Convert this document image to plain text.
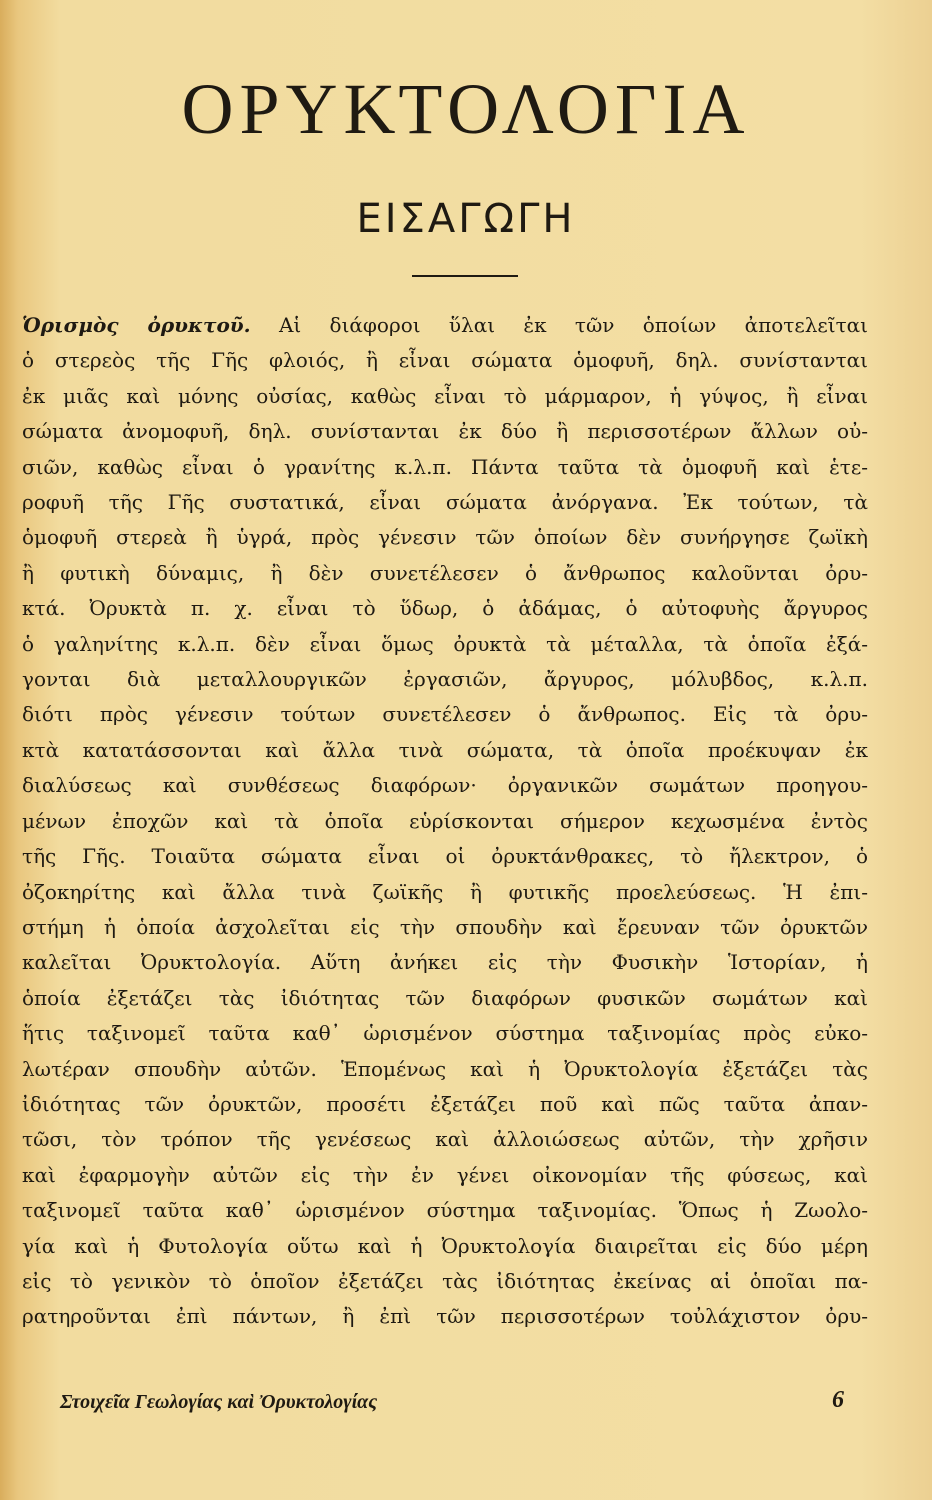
ΟΡΥΚΤΟΛΟΓΙΑ
ΕΙΣΑΓΩΓΗ
Ὁρισμὸς ὀρυκτοῦ. Αἱ διάφοροι ὕλαι ἐκ τῶν ὁποίων ἀποτελεῖται
ὁ στερεὸς τῆς Γῆς φλοιός, ἢ εἶναι σώματα ὁμοφυῆ, δηλ. συνίστανται
ἐκ μιᾶς καὶ μόνης οὐσίας, καθὼς εἶναι τὸ μάρμαρον, ἡ γύψος, ἢ εἶναι
σώματα ἀνομοφυῆ, δηλ. συνίστανται ἐκ δύο ἢ περισσοτέρων ἄλλων οὐ-
σιῶν, καθὼς εἶναι ὁ γρανίτης κ.λ.π. Πάντα ταῦτα τὰ ὁμοφυῆ καὶ ἑτε-
ροφυῆ τῆς Γῆς συστατικά, εἶναι σώματα ἀνόργανα. Ἐκ τούτων, τὰ
ὁμοφυῆ στερεὰ ἢ ὑγρά, πρὸς γένεσιν τῶν ὁποίων δὲν συνήργησε ζωϊκὴ
ἢ φυτικὴ δύναμις, ἢ δὲν συνετέλεσεν ὁ ἄνθρωπος καλοῦνται ὀρυ-
κτά. Ὀρυκτὰ π. χ. εἶναι τὸ ὕδωρ, ὁ ἀδάμας, ὁ αὐτοφυὴς ἄργυρος
ὁ γαληνίτης κ.λ.π. δὲν εἶναι ὅμως ὀρυκτὰ τὰ μέταλλα, τὰ ὁποῖα ἐξά-
γονται διὰ μεταλλουργικῶν ἐργασιῶν, ἄργυρος, μόλυβδος, κ.λ.π.
διότι πρὸς γένεσιν τούτων συνετέλεσεν ὁ ἄνθρωπος. Εἰς τὰ ὀρυ-
κτὰ κατατάσσονται καὶ ἄλλα τινὰ σώματα, τὰ ὁποῖα προέκυψαν ἐκ
διαλύσεως καὶ συνθέσεως διαφόρων· ὀργανικῶν σωμάτων προηγου-
μένων ἐποχῶν καὶ τὰ ὁποῖα εὑρίσκονται σήμερον κεχωσμένα ἐντὸς
τῆς Γῆς. Τοιαῦτα σώματα εἶναι οἱ ὀρυκτάνθρακες, τὸ ἤλεκτρον, ὁ
ὀζοκηρίτης καὶ ἄλλα τινὰ ζωϊκῆς ἢ φυτικῆς προελεύσεως. Ἡ ἐπι-
στήμη ἡ ὁποία ἀσχολεῖται εἰς τὴν σπουδὴν καὶ ἔρευναν τῶν ὀρυκτῶν
καλεῖται Ὀρυκτολογία. Αὕτη ἀνήκει εἰς τὴν Φυσικὴν Ἱστορίαν, ἡ
ὁποία ἐξετάζει τὰς ἰδιότητας τῶν διαφόρων φυσικῶν σωμάτων καὶ
ἥτις ταξινομεῖ ταῦτα καθ᾽ ὡρισμένον σύστημα ταξινομίας πρὸς εὐκο-
λωτέραν σπουδὴν αὐτῶν. Ἑπομένως καὶ ἡ Ὀρυκτολογία ἐξετάζει τὰς
ἰδιότητας τῶν ὀρυκτῶν, προσέτι ἐξετάζει ποῦ καὶ πῶς ταῦτα ἀπαν-
τῶσι, τὸν τρόπον τῆς γενέσεως καὶ ἀλλοιώσεως αὐτῶν, τὴν χρῆσιν
καὶ ἐφαρμογὴν αὐτῶν εἰς τὴν ἐν γένει οἰκονομίαν τῆς φύσεως, καὶ
ταξινομεῖ ταῦτα καθ᾽ ὡρισμένον σύστημα ταξινομίας. Ὅπως ἡ Ζωολο-
γία καὶ ἡ Φυτολογία οὕτω καὶ ἡ Ὀρυκτολογία διαιρεῖται εἰς δύο μέρη
εἰς τὸ γενικὸν τὸ ὁποῖον ἐξετάζει τὰς ἰδιότητας ἐκείνας αἱ ὁποῖαι πα-
ρατηροῦνται ἐπὶ πάντων, ἢ ἐπὶ τῶν περισσοτέρων τοὐλάχιστον ὀρυ-
Στοιχεῖα Γεωλογίας καὶ Ὀρυκτολογίας	6
